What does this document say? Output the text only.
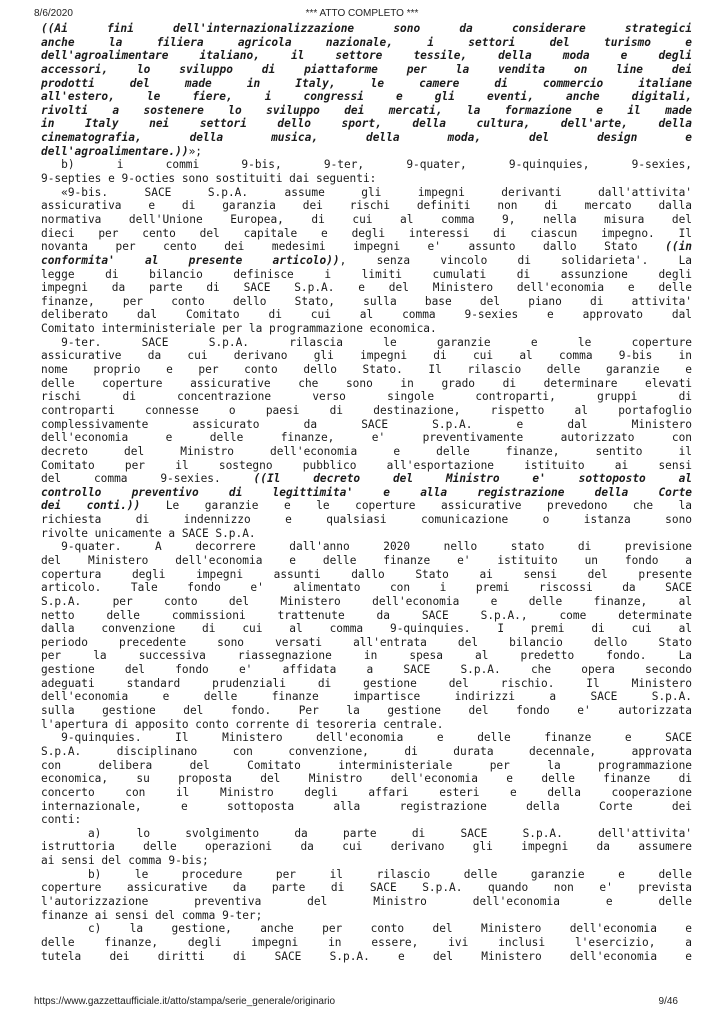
8/6/2020	*** ATTO COMPLETO ***
((Ai fini dell'internazionalizzazione sono da considerare strategici
anche la filiera agricola nazionale, i settori del turismo e
dell'agroalimentare italiano, il settore tessile, della moda e degli
accessori, lo sviluppo di piattaforme per la vendita on line dei
prodotti del made in Italy, le camere di commercio italiane
all'estero, le fiere, i congressi e gli eventi, anche digitali,
rivolti a sostenere lo sviluppo dei mercati, la formazione e il made
in Italy nei settori dello sport, della cultura, dell'arte, della
cinematografia, della musica, della moda, del design e
dell'agroalimentare.))»;
b) i commi 9-bis, 9-ter, 9-quater, 9-quinquies, 9-sexies,
9-septies e 9-octies sono sostituiti dai seguenti:
«9-bis. SACE S.p.A. assume gli impegni derivanti dall'attivita'
assicurativa e di garanzia dei rischi definiti non di mercato dalla
normativa dell'Unione Europea, di cui al comma 9, nella misura del
dieci per cento del capitale e degli interessi di ciascun impegno. Il
novanta per cento dei medesimi impegni e' assunto dallo Stato ((in
conformita' al presente articolo)), senza vincolo di solidarieta'. La
legge di bilancio definisce i limiti cumulati di assunzione degli
impegni da parte di SACE S.p.A. e del Ministero dell'economia e delle
finanze, per conto dello Stato, sulla base del piano di attivita'
deliberato dal Comitato di cui al comma 9-sexies e approvato dal
Comitato interministeriale per la programmazione economica.
9-ter. SACE S.p.A. rilascia le garanzie e le coperture
assicurative da cui derivano gli impegni di cui al comma 9-bis in
nome proprio e per conto dello Stato. Il rilascio delle garanzie e
delle coperture assicurative che sono in grado di determinare elevati
rischi di concentrazione verso singole controparti, gruppi di
controparti connesse o paesi di destinazione, rispetto al portafoglio
complessivamente assicurato da SACE S.p.A. e dal Ministero
dell'economia e delle finanze, e' preventivamente autorizzato con
decreto del Ministro dell'economia e delle finanze, sentito il
Comitato per il sostegno pubblico all'esportazione istituito ai sensi
del comma 9-sexies. ((Il decreto del Ministro e' sottoposto al
controllo preventivo di legittimita' e alla registrazione della Corte
dei conti.)) Le garanzie e le coperture assicurative prevedono che la
richiesta di indennizzo e qualsiasi comunicazione o istanza sono
rivolte unicamente a SACE S.p.A.
9-quater. A decorrere dall'anno 2020 nello stato di previsione
del Ministero dell'economia e delle finanze e' istituito un fondo a
copertura degli impegni assunti dallo Stato ai sensi del presente
articolo. Tale fondo e' alimentato con i premi riscossi da SACE
S.p.A. per conto del Ministero dell'economia e delle finanze, al
netto delle commissioni trattenute da SACE S.p.A., come determinate
dalla convenzione di cui al comma 9-quinquies. I premi di cui al
periodo precedente sono versati all'entrata del bilancio dello Stato
per la successiva riassegnazione in spesa al predetto fondo. La
gestione del fondo e' affidata a SACE S.p.A. che opera secondo
adeguati standard prudenziali di gestione del rischio. Il Ministero
dell'economia e delle finanze impartisce indirizzi a SACE S.p.A.
sulla gestione del fondo. Per la gestione del fondo e' autorizzata
l'apertura di apposito conto corrente di tesoreria centrale.
9-quinquies. Il Ministero dell'economia e delle finanze e SACE
S.p.A. disciplinano con convenzione, di durata decennale, approvata
con delibera del Comitato interministeriale per la programmazione
economica, su proposta del Ministro dell'economia e delle finanze di
concerto con il Ministro degli affari esteri e della cooperazione
internazionale, e sottoposta alla registrazione della Corte dei
conti:
a) lo svolgimento da parte di SACE S.p.A. dell'attivita'
istruttoria delle operazioni da cui derivano gli impegni da assumere
ai sensi del comma 9-bis;
b) le procedure per il rilascio delle garanzie e delle
coperture assicurative da parte di SACE S.p.A. quando non e' prevista
l'autorizzazione preventiva del Ministro dell'economia e delle
finanze ai sensi del comma 9-ter;
c) la gestione, anche per conto del Ministero dell'economia e
delle finanze, degli impegni in essere, ivi inclusi l'esercizio, a
tutela dei diritti di SACE S.p.A. e del Ministero dell'economia e
https://www.gazzettaufficiale.it/atto/stampa/serie_generale/originario	9/46
